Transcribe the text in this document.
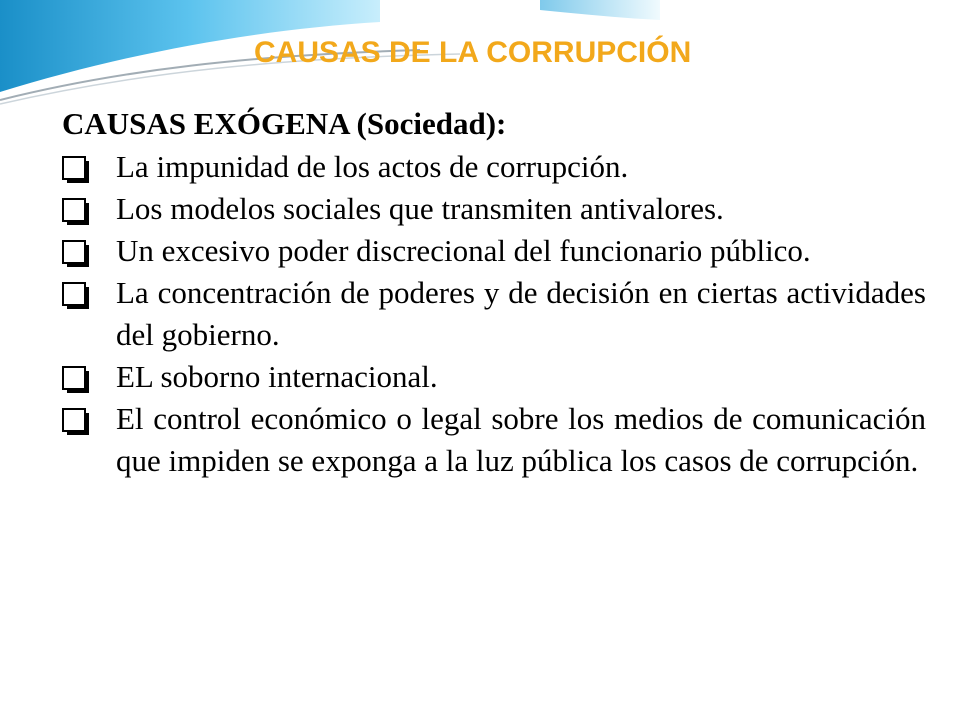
CAUSAS DE LA CORRUPCIÓN
CAUSAS EXÓGENA (Sociedad):
La impunidad de los actos de corrupción.
Los modelos sociales que transmiten antivalores.
Un excesivo poder discrecional del funcionario público.
La concentración de poderes y de decisión en ciertas actividades del gobierno.
EL soborno internacional.
El control económico o legal sobre los medios de comunicación que impiden se exponga a la luz pública los casos de corrupción.
